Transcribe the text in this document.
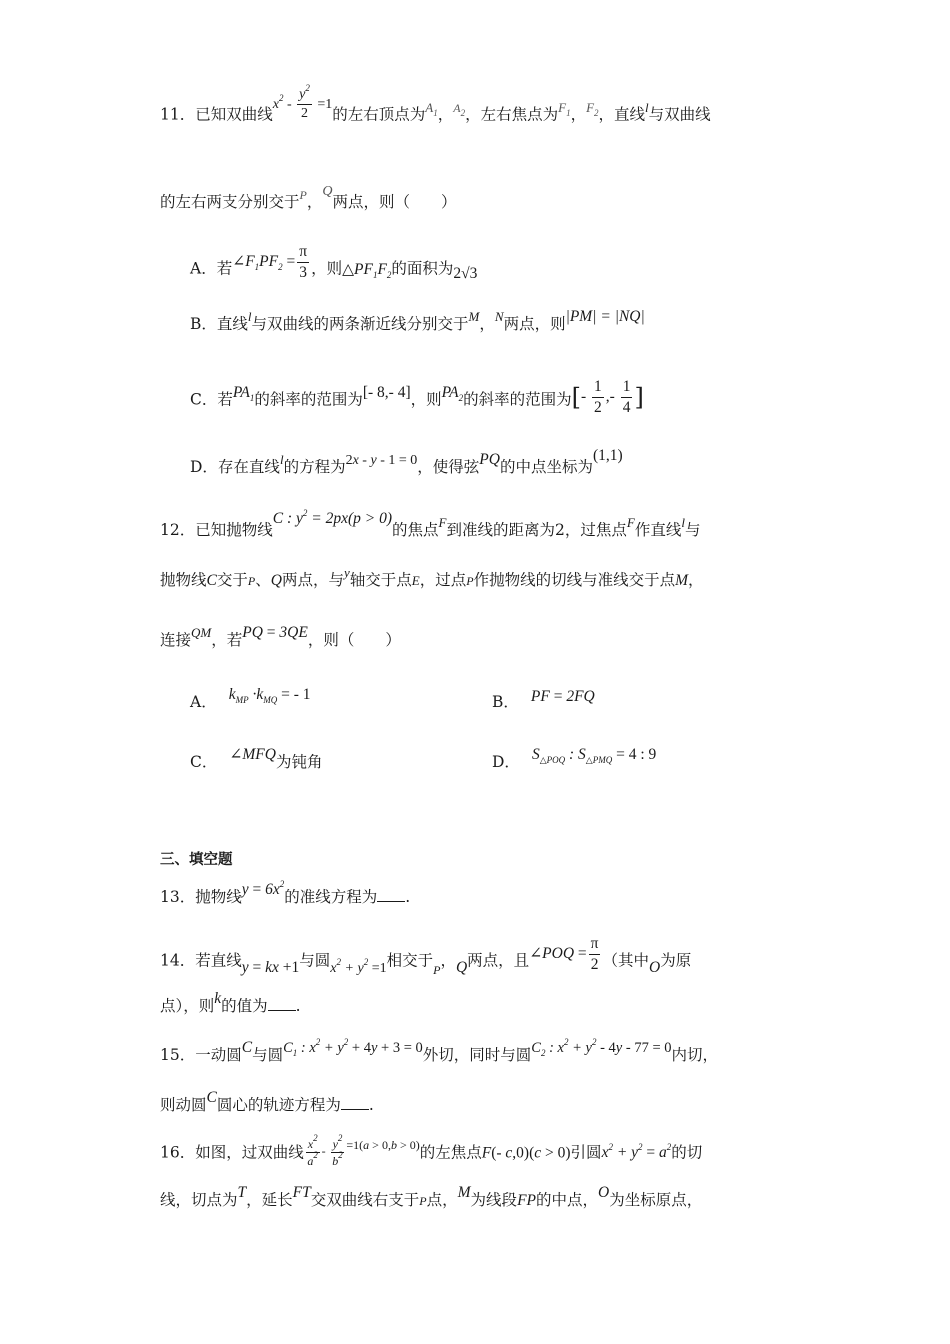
11．已知双曲线$x^2 - \frac{y^2}{2} =1$的左右顶点为$^{A_1}$，$^{A_2}$，左右焦点为$^{F_1}$，$^{F_2}$，直线$^l$与双曲线
的左右两支分别交于$^P$，Q两点，则（　　）
A．若$\angle F_1PF_2 = \frac{\pi}{3}$ ，则$\triangle PF_1F_2$的面积为2√3
B．直线$^l$与双曲线的两条渐近线分别交于$^M$，$^N$两点，则|PM| = |NQ|
C．若$PA_1$的斜率的范围为[- 8,- 4]，则$PA_2$的斜率的范围为[- $\frac{1}{2}$ ,- $\frac{1}{4}$ ]
D．存在直线$^l$的方程为2x - y - 1 = 0，使得弦PQ的中点坐标为(1,1)
12．已知抛物线C : $y^2 = 2px(p > 0)$的焦点$^F$到准线的距离为2，过焦点$^F$作直线$^l$与
抛物线C交于P、Q两点，与$^y$轴交于点E，过点P作抛物线的切线与准线交于点M，
连接$^{QM}$，若PQ = 3QE，则（　　）
A． $k_{MP} \cdot k_{MQ}$ = - 1	B． PF = 2FQ
C． ∠MFQ为钝角	D． $S_{\triangle POQ}$ : $S_{\triangle PMQ} = 4$ : 9
三、填空题
13．抛物线$y = 6x^2$的准线方程为 .
14．若直线y = kx +1与圆$x^2 + y^2 =1$相交于$_P$，Q两点，且∠POQ = $\frac{\pi}{2}$ （其中O为原
点），则k的值为 .
15．一动圆C与圆$C_1$ : $x^2 + y^2 + 4y + 3 = 0$外切，同时与圆$C_2$ : $x^2 + y^2 - 4y - 77 = 0$内切，
则动圆C圆心的轨迹方程为 .
16．如图，过双曲线 $\frac{x^2}{a^2} - \frac{y^2}{b^2} =1(a > 0,b > 0)$的左焦点F(- c,0)(c > 0)引圆$x^2 + y^2 = a^2$的切
线，切点为T，延长FT交双曲线右支于P点，M为线段FP的中点，O为坐标原点，
